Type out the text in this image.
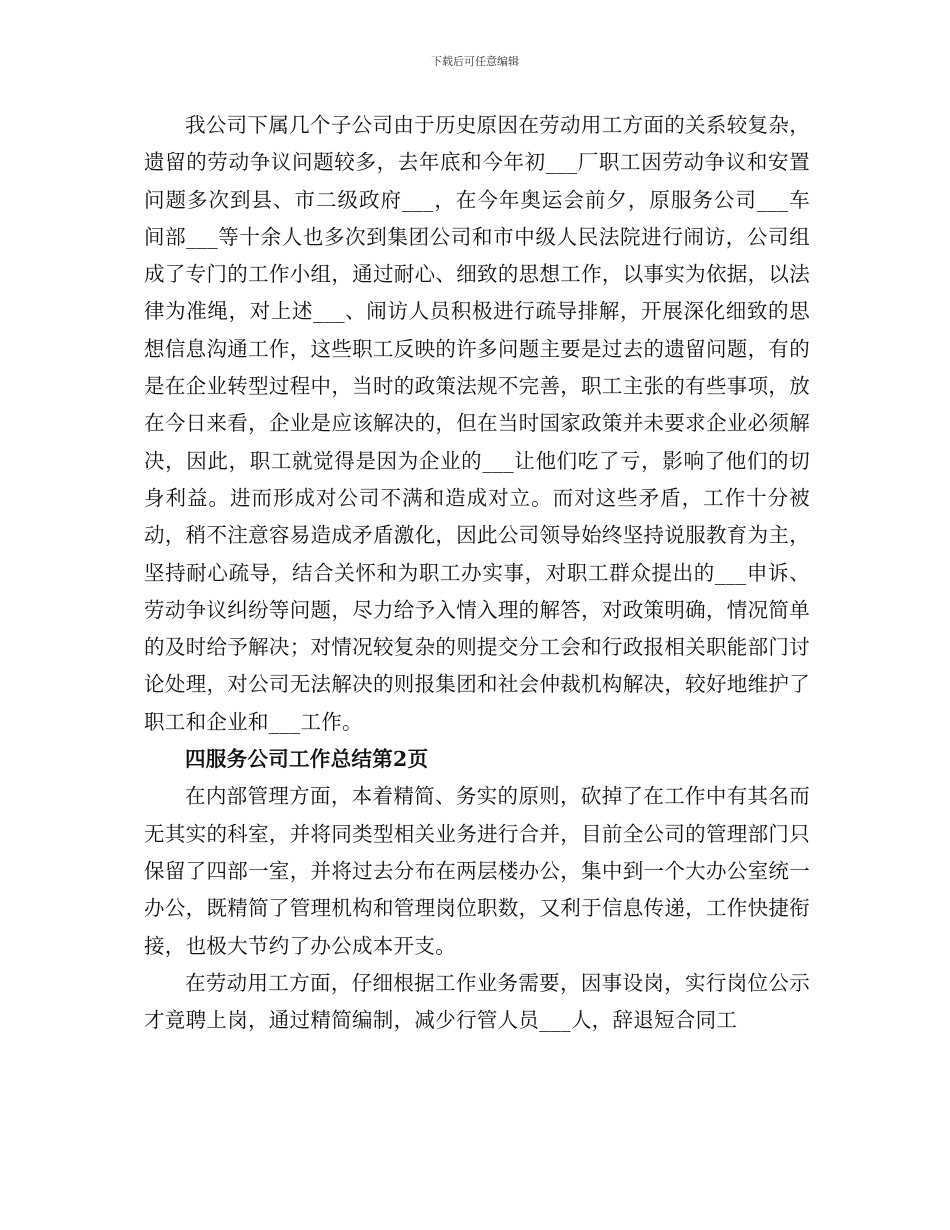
下载后可任意编辑

我公司下属几个子公司由于历史原因在劳动用工方面的关系较复杂，遗留的劳动争议问题较多，去年底和今年初___厂职工因劳动争议和安置问题多次到县、市二级政府___，在今年奥运会前夕，原服务公司___车间部___等十余人也多次到集团公司和市中级人民法院进行闹访，公司组成了专门的工作小组，通过耐心、细致的思想工作，以事实为依据，以法律为准绳，对上述___、闹访人员积极进行疏导排解，开展深化细致的思想信息沟通工作，这些职工反映的许多问题主要是过去的遗留问题，有的是在企业转型过程中，当时的政策法规不完善，职工主张的有些事项，放在今日来看，企业是应该解决的，但在当时国家政策并未要求企业必须解决，因此，职工就觉得是因为企业的___让他们吃了亏，影响了他们的切身利益。进而形成对公司不满和造成对立。而对这些矛盾，工作十分被动，稍不注意容易造成矛盾激化，因此公司领导始终坚持说服教育为主，坚持耐心疏导，结合关怀和为职工办实事，对职工群众提出的___申诉、劳动争议纠纷等问题，尽力给予入情入理的解答，对政策明确，情况简单的及时给予解决；对情况较复杂的则提交分工会和行政报相关职能部门讨论处理，对公司无法解决的则报集团和社会仲裁机构解决，较好地维护了职工和企业和___工作。

四服务公司工作总结第2页

在内部管理方面，本着精简、务实的原则，砍掉了在工作中有其名而无其实的科室，并将同类型相关业务进行合并，目前全公司的管理部门只保留了四部一室，并将过去分布在两层楼办公，集中到一个大办公室统一办公，既精简了管理机构和管理岗位职数，又利于信息传递，工作快捷衔接，也极大节约了办公成本开支。

在劳动用工方面，仔细根据工作业务需要，因事设岗，实行岗位公示才竟聘上岗，通过精简编制，减少行管人员___人，辞退短合同工
